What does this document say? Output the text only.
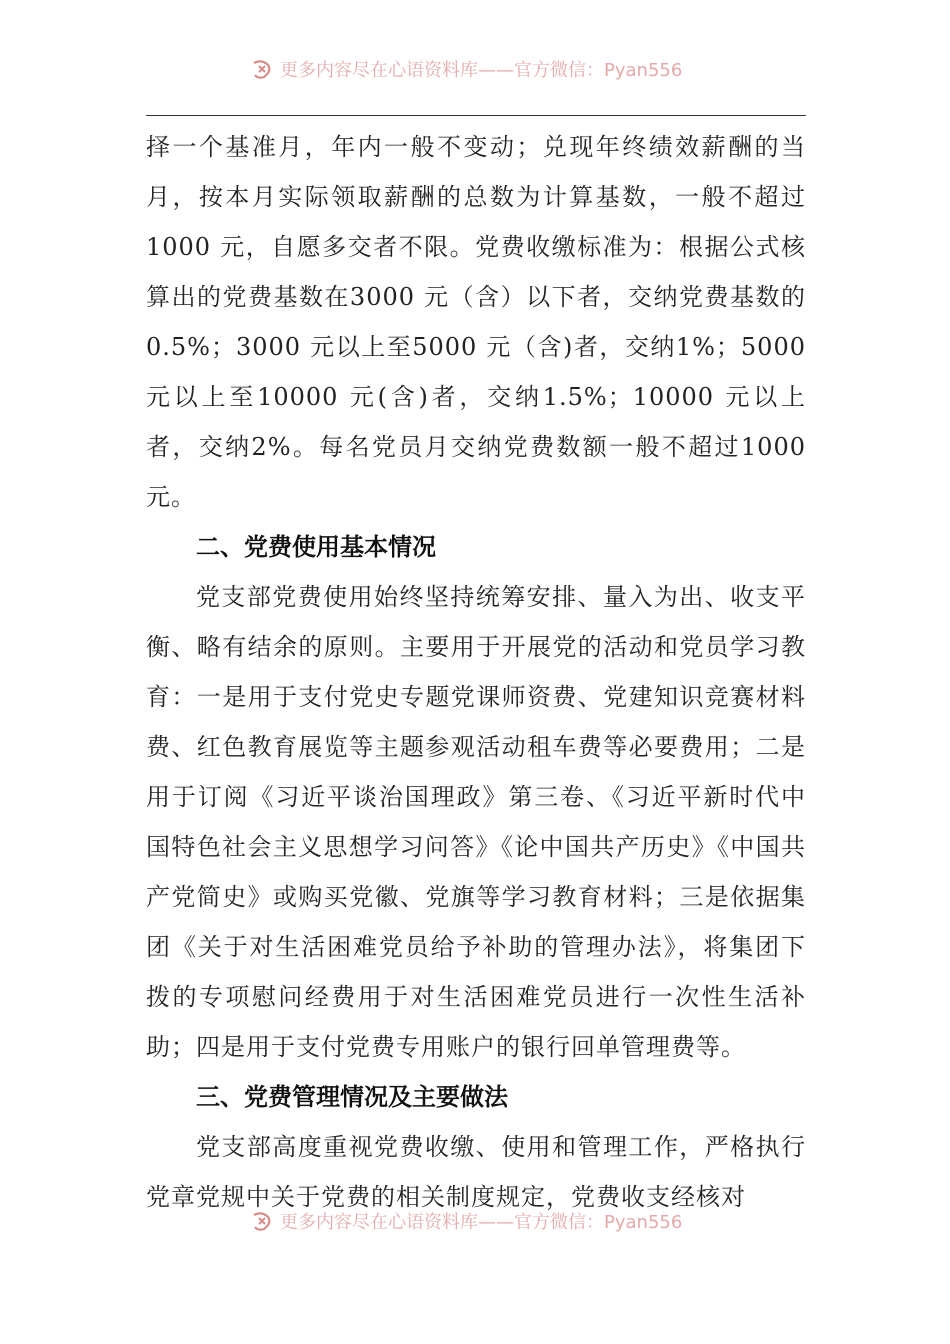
更多内容尽在心语资料库——官方微信：Pyan556

择一个基准月，年内一般不变动；兑现年终绩效薪酬的当月，按本月实际领取薪酬的总数为计算基数，一般不超过1000 元，自愿多交者不限。党费收缴标准为：根据公式核算出的党费基数在3000 元（含）以下者，交纳党费基数的0.5%；3000 元以上至5000 元（含)者，交纳1%；5000 元以上至10000 元(含)者，交纳1.5%；10000 元以上者，交纳2%。每名党员月交纳党费数额一般不超过1000 元。

二、党费使用基本情况

党支部党费使用始终坚持统筹安排、量入为出、收支平衡、略有结余的原则。主要用于开展党的活动和党员学习教育：一是用于支付党史专题党课师资费、党建知识竞赛材料费、红色教育展览等主题参观活动租车费等必要费用；二是用于订阅《习近平谈治国理政》第三卷、《习近平新时代中国特色社会主义思想学习问答》《论中国共产历史》《中国共产党简史》或购买党徽、党旗等学习教育材料；三是依据集团《关于对生活困难党员给予补助的管理办法》，将集团下拨的专项慰问经费用于对生活困难党员进行一次性生活补助；四是用于支付党费专用账户的银行回单管理费等。

三、党费管理情况及主要做法

党支部高度重视党费收缴、使用和管理工作，严格执行党章党规中关于党费的相关制度规定，党费收支经核对

更多内容尽在心语资料库——官方微信：Pyan556
